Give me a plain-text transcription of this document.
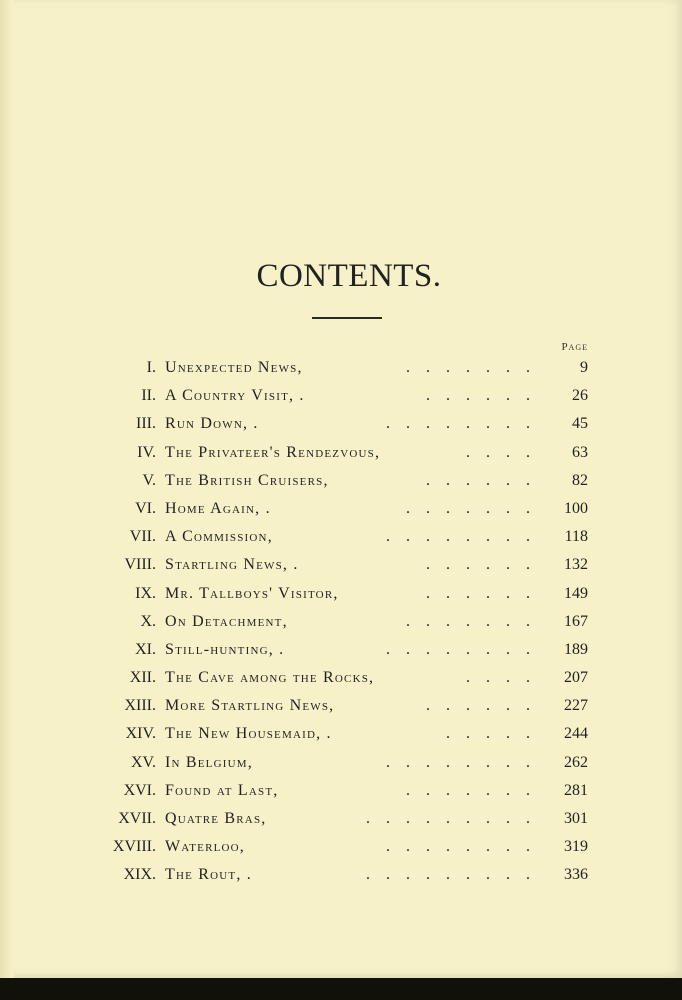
CONTENTS.
Page
I. Unexpected News,	. . . . . . .	9
II. A Country Visit, .	. . . . . .	26
III. Run Down, .	. . . . . . . .	45
IV. The Privateer's Rendezvous,	. . . .	63
V. The British Cruisers,	. . . . . .	82
VI. Home Again, .	. . . . . . .	100
VII. A Commission,	. . . . . . . .	118
VIII. Startling News, .	. . . . . .	132
IX. Mr. Tallboys' Visitor,	. . . . . .	149
X. On Detachment,	. . . . . . .	167
XI. Still-hunting, .	. . . . . . . .	189
XII. The Cave among the Rocks,	. . . .	207
XIII. More Startling News,	. . . . . .	227
XIV. The New Housemaid, .	. . . . .	244
XV. In Belgium,	. . . . . . . .	262
XVI. Found at Last,	. . . . . . .	281
XVII. Quatre Bras,	. . . . . . . . .	301
XVIII. Waterloo,	. . . . . . . .	319
XIX. The Rout, .	. . . . . . . . .	336
